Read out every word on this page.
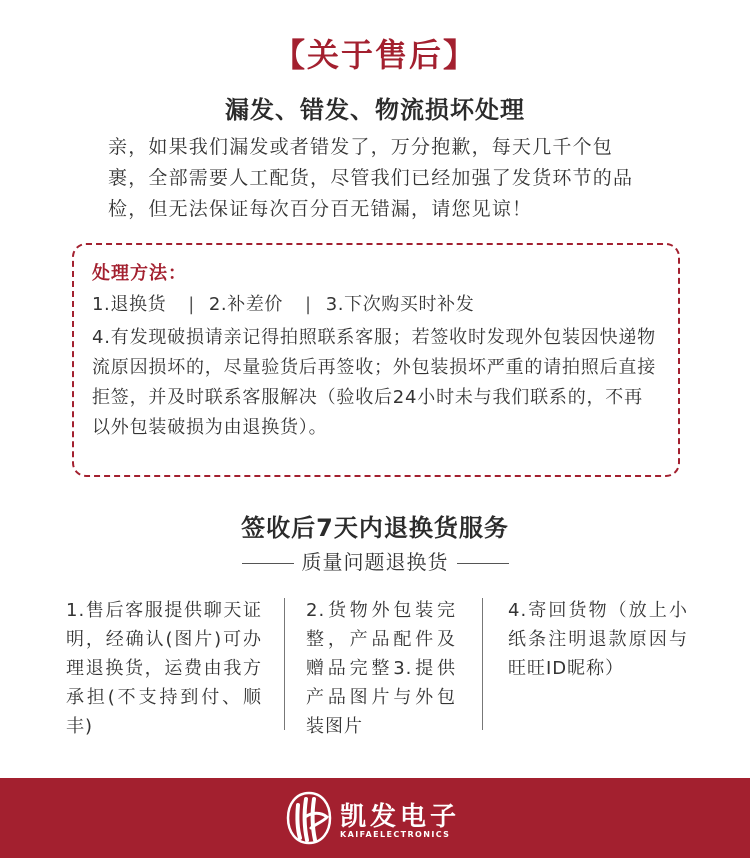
【关于售后】
漏发、错发、物流损坏处理
亲，如果我们漏发或者错发了，万分抱歉，每天几千个包裹，全部需要人工配货，尽管我们已经加强了发货环节的品检，但无法保证每次百分百无错漏，请您见谅！
处理方法：
1.退换货 | 2.补差价 | 3.下次购买时补发
4.有发现破损请亲记得拍照联系客服；若签收时发现外包装因快递物流原因损坏的，尽量验货后再签收；外包装损坏严重的请拍照后直接拒签，并及时联系客服解决（验收后24小时未与我们联系的，不再以外包装破损为由退换货）。
签收后7天内退换货服务
质量问题退换货
1.售后客服提供聊天证明，经确认(图片)可办理退换货，运费由我方承担(不支持到付、顺丰)
2.货物外包装完整，产品配件及赠品完整3.提供产品图片与外包装图片
4.寄回货物（放上小纸条注明退款原因与旺旺ID昵称）
凯发电子
KAIFAELECTRONICS
